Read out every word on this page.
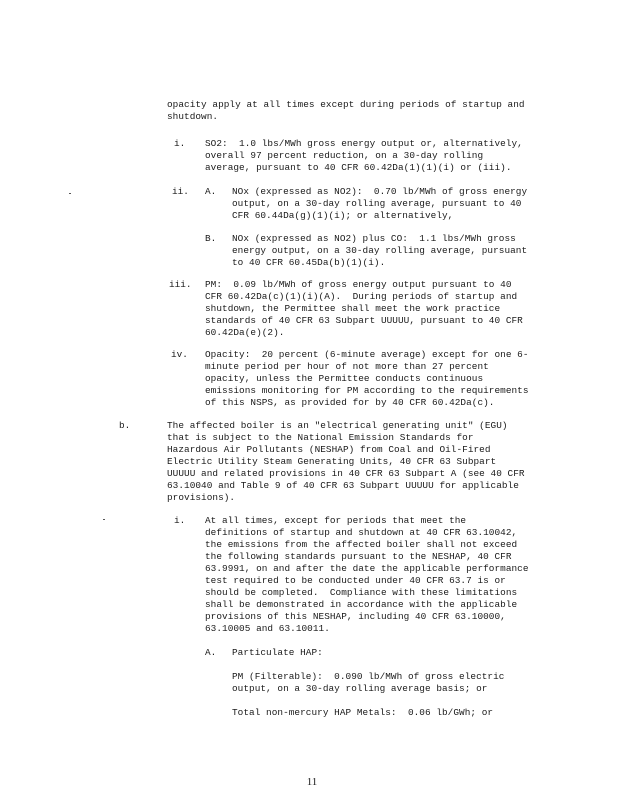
opacity apply at all times except during periods of startup and
shutdown.
i. SO2:  1.0 lbs/MWh gross energy output or, alternatively,
overall 97 percent reduction, on a 30-day rolling
average, pursuant to 40 CFR 60.42Da(1)(1)(i) or (iii).
ii. A. NOx (expressed as NO2):  0.70 lb/MWh of gross energy
output, on a 30-day rolling average, pursuant to 40
CFR 60.44Da(g)(1)(i); or alternatively,
B. NOx (expressed as NO2) plus CO:  1.1 lbs/MWh gross
energy output, on a 30-day rolling average, pursuant
to 40 CFR 60.45Da(b)(1)(i).
iii. PM:  0.09 lb/MWh of gross energy output pursuant to 40
CFR 60.42Da(c)(1)(i)(A).  During periods of startup and
shutdown, the Permittee shall meet the work practice
standards of 40 CFR 63 Subpart UUUUU, pursuant to 40 CFR
60.42Da(e)(2).
iv. Opacity:  20 percent (6-minute average) except for one 6-
minute period per hour of not more than 27 percent
opacity, unless the Permittee conducts continuous
emissions monitoring for PM according to the requirements
of this NSPS, as provided for by 40 CFR 60.42Da(c).
b.	The affected boiler is an "electrical generating unit" (EGU)
that is subject to the National Emission Standards for
Hazardous Air Pollutants (NESHAP) from Coal and Oil-Fired
Electric Utility Steam Generating Units, 40 CFR 63 Subpart
UUUUU and related provisions in 40 CFR 63 Subpart A (see 40 CFR
63.10040 and Table 9 of 40 CFR 63 Subpart UUUUU for applicable
provisions).
i. At all times, except for periods that meet the
definitions of startup and shutdown at 40 CFR 63.10042,
the emissions from the affected boiler shall not exceed
the following standards pursuant to the NESHAP, 40 CFR
63.9991, on and after the date the applicable performance
test required to be conducted under 40 CFR 63.7 is or
should be completed.  Compliance with these limitations
shall be demonstrated in accordance with the applicable
provisions of this NESHAP, including 40 CFR 63.10000,
63.10005 and 63.10011.
A. Particulate HAP:
PM (Filterable):  0.090 lb/MWh of gross electric
output, on a 30-day rolling average basis; or
Total non-mercury HAP Metals:  0.06 lb/GWh; or
11
